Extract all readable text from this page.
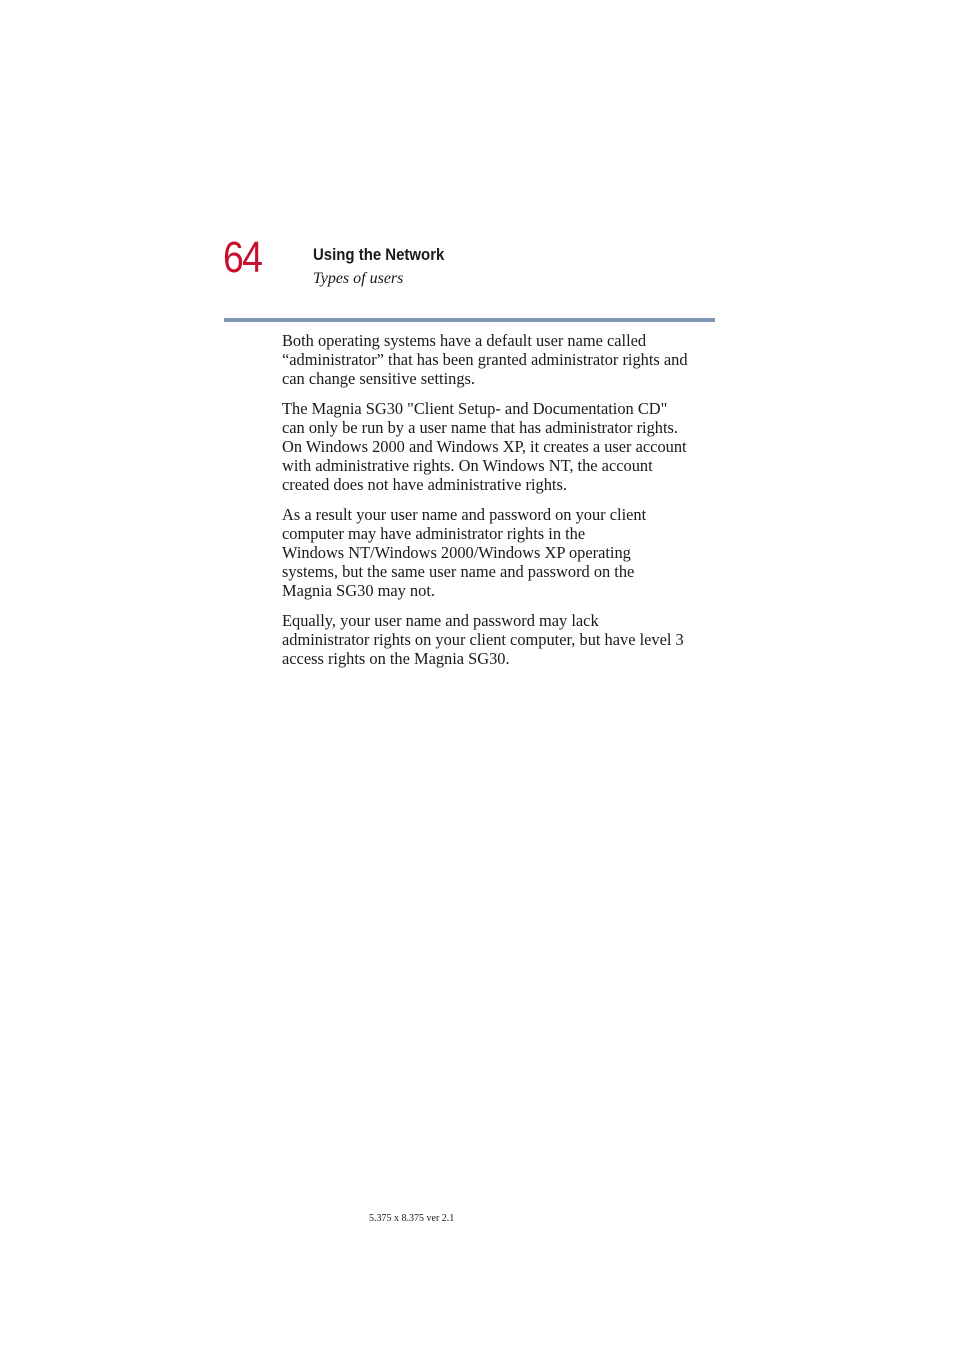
64	Using the Network
Types of users

Both operating systems have a default user name called
“administrator” that has been granted administrator rights and
can change sensitive settings.

The Magnia SG30 "Client Setup- and Documentation CD"
can only be run by a user name that has administrator rights.
On Windows 2000 and Windows XP, it creates a user account
with administrative rights. On Windows NT, the account
created does not have administrative rights.

As a result your user name and password on your client
computer may have administrator rights in the
Windows NT/Windows 2000/Windows XP operating
systems, but the same user name and password on the
Magnia SG30 may not.

Equally, your user name and password may lack
administrator rights on your client computer, but have level 3
access rights on the Magnia SG30.

5.375 x 8.375 ver 2.1
